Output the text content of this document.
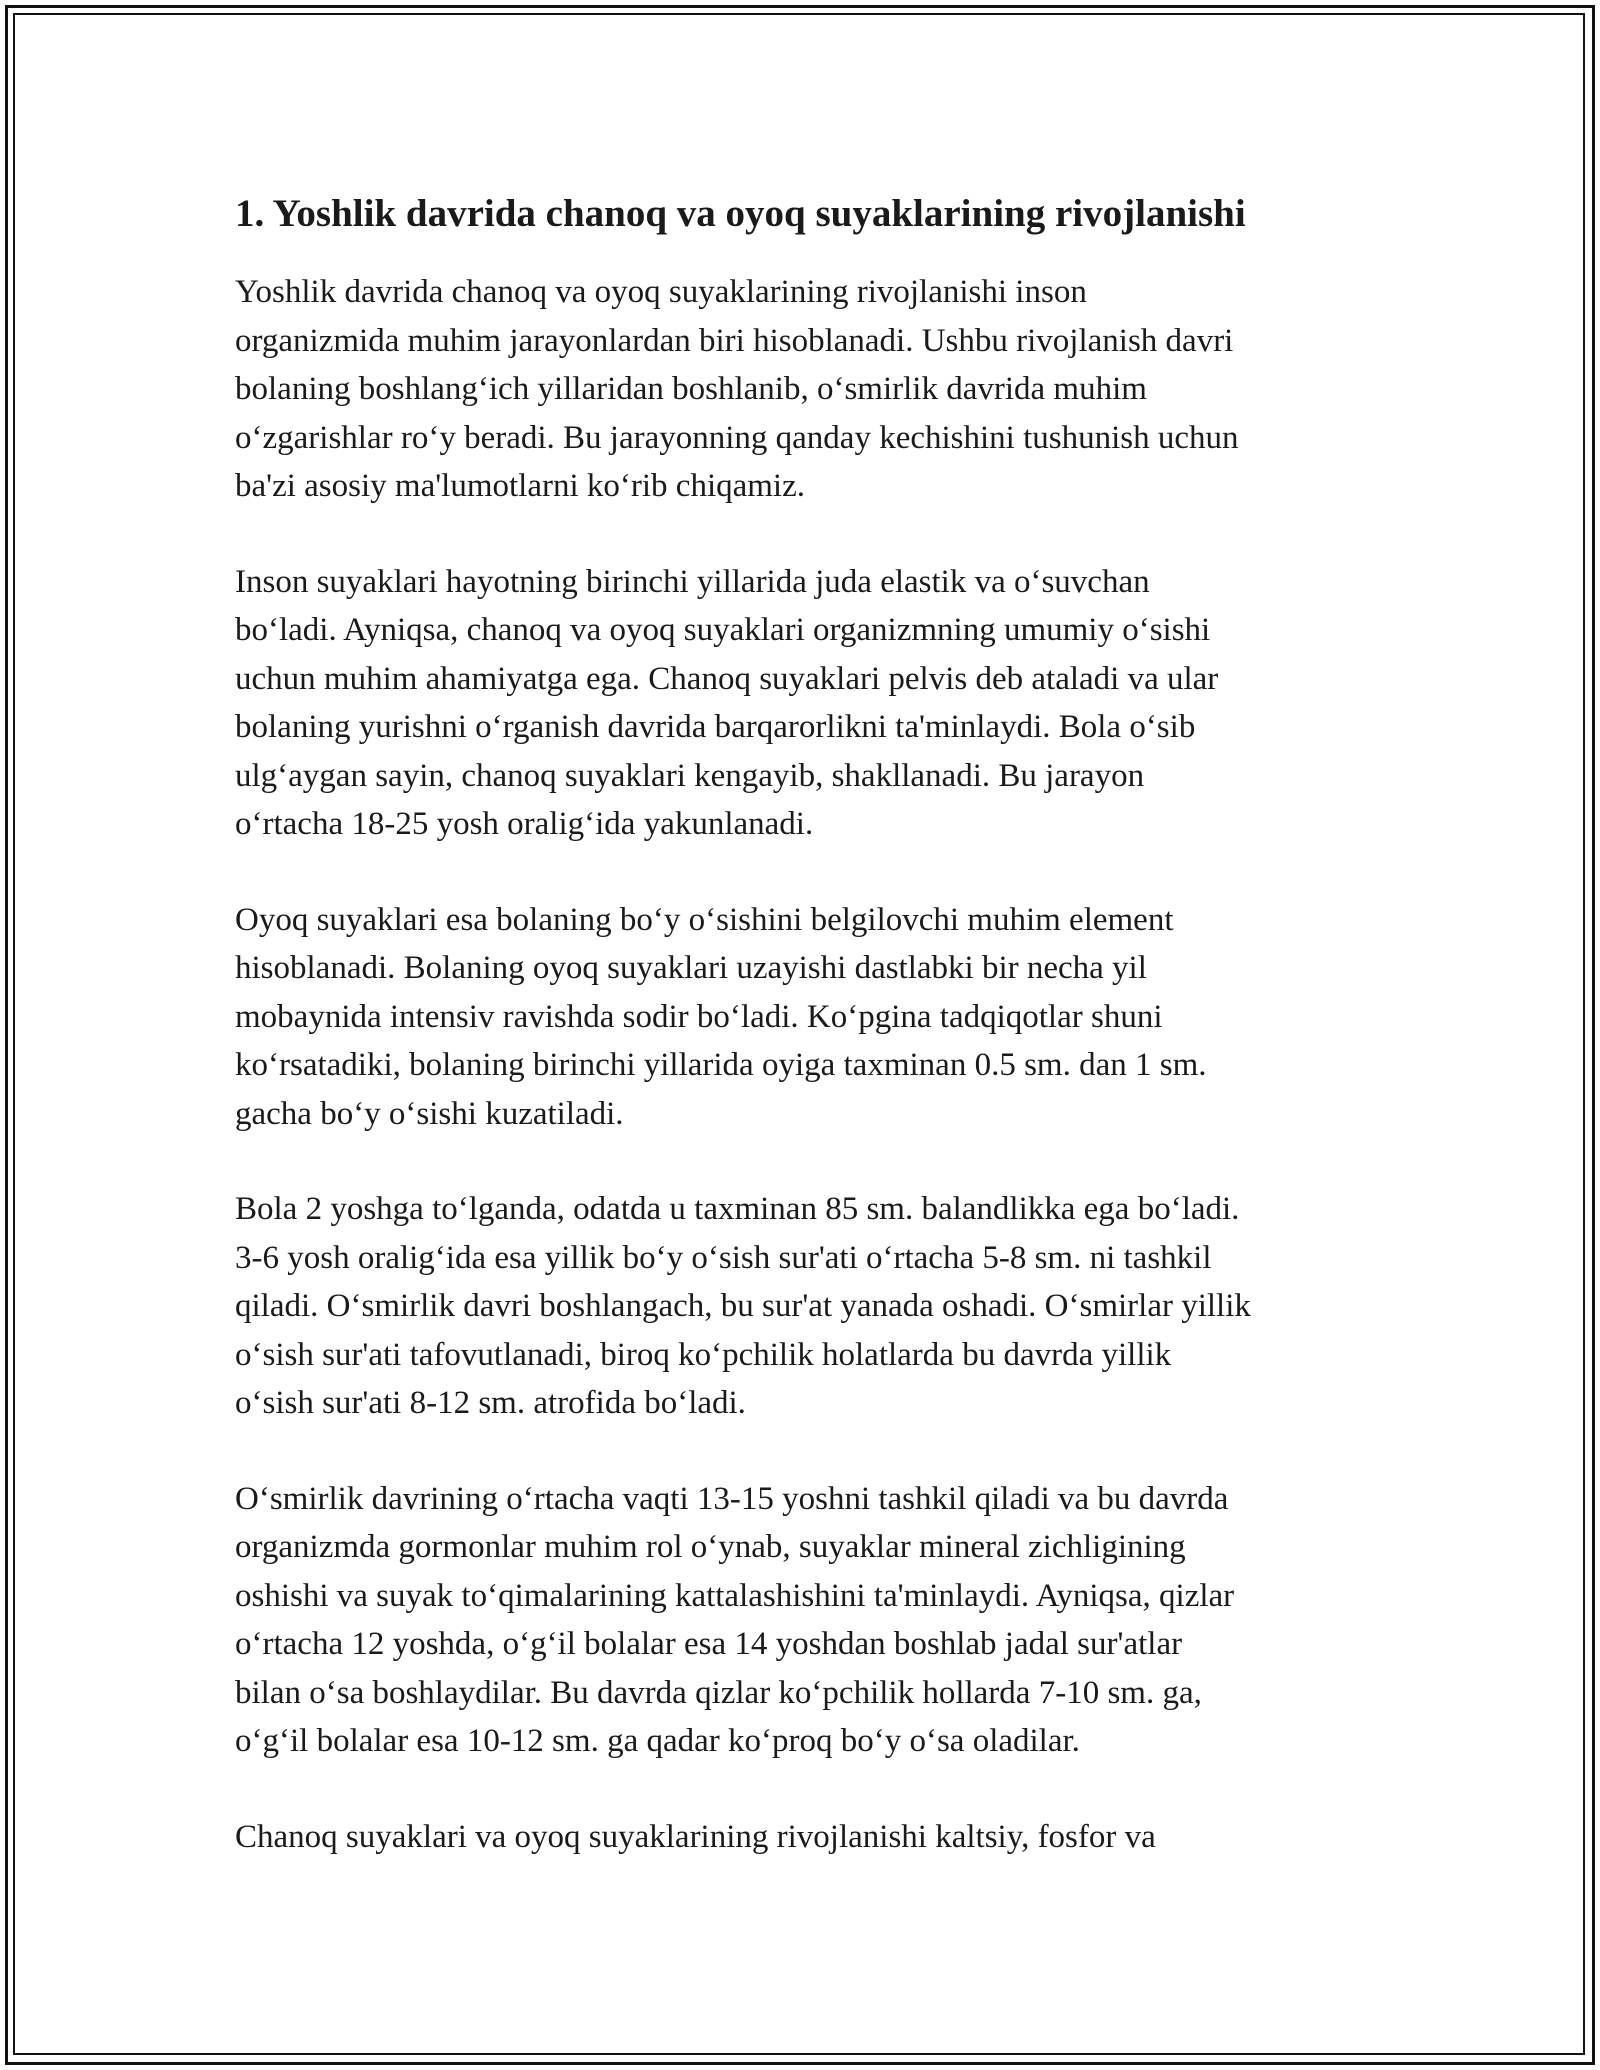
1. Yoshlik davrida chanoq va oyoq suyaklarining rivojlanishi

Yoshlik davrida chanoq va oyoq suyaklarining rivojlanishi inson
organizmida muhim jarayonlardan biri hisoblanadi. Ushbu rivojlanish davri
bolaning boshlang‘ich yillaridan boshlanib, o‘smirlik davrida muhim
o‘zgarishlar ro‘y beradi. Bu jarayonning qanday kechishini tushunish uchun
ba'zi asosiy ma'lumotlarni ko‘rib chiqamiz.

Inson suyaklari hayotning birinchi yillarida juda elastik va o‘suvchan
bo‘ladi. Ayniqsa, chanoq va oyoq suyaklari organizmning umumiy o‘sishi
uchun muhim ahamiyatga ega. Chanoq suyaklari pelvis deb ataladi va ular
bolaning yurishni o‘rganish davrida barqarorlikni ta'minlaydi. Bola o‘sib
ulg‘aygan sayin, chanoq suyaklari kengayib, shakllanadi. Bu jarayon
o‘rtacha 18-25 yosh oralig‘ida yakunlanadi.

Oyoq suyaklari esa bolaning bo‘y o‘sishini belgilovchi muhim element
hisoblanadi. Bolaning oyoq suyaklari uzayishi dastlabki bir necha yil
mobaynida intensiv ravishda sodir bo‘ladi. Ko‘pgina tadqiqotlar shuni
ko‘rsatadiki, bolaning birinchi yillarida oyiga taxminan 0.5 sm. dan 1 sm.
gacha bo‘y o‘sishi kuzatiladi.

Bola 2 yoshga to‘lganda, odatda u taxminan 85 sm. balandlikka ega bo‘ladi.
3-6 yosh oralig‘ida esa yillik bo‘y o‘sish sur'ati o‘rtacha 5-8 sm. ni tashkil
qiladi. O‘smirlik davri boshlangach, bu sur'at yanada oshadi. O‘smirlar yillik
o‘sish sur'ati tafovutlanadi, biroq ko‘pchilik holatlarda bu davrda yillik
o‘sish sur'ati 8-12 sm. atrofida bo‘ladi.

O‘smirlik davrining o‘rtacha vaqti 13-15 yoshni tashkil qiladi va bu davrda
organizmda gormonlar muhim rol o‘ynab, suyaklar mineral zichligining
oshishi va suyak to‘qimalarining kattalashishini ta'minlaydi. Ayniqsa, qizlar
o‘rtacha 12 yoshda, o‘g‘il bolalar esa 14 yoshdan boshlab jadal sur'atlar
bilan o‘sa boshlaydilar. Bu davrda qizlar ko‘pchilik hollarda 7-10 sm. ga,
o‘g‘il bolalar esa 10-12 sm. ga qadar ko‘proq bo‘y o‘sa oladilar.

Chanoq suyaklari va oyoq suyaklarining rivojlanishi kaltsiy, fosfor va
